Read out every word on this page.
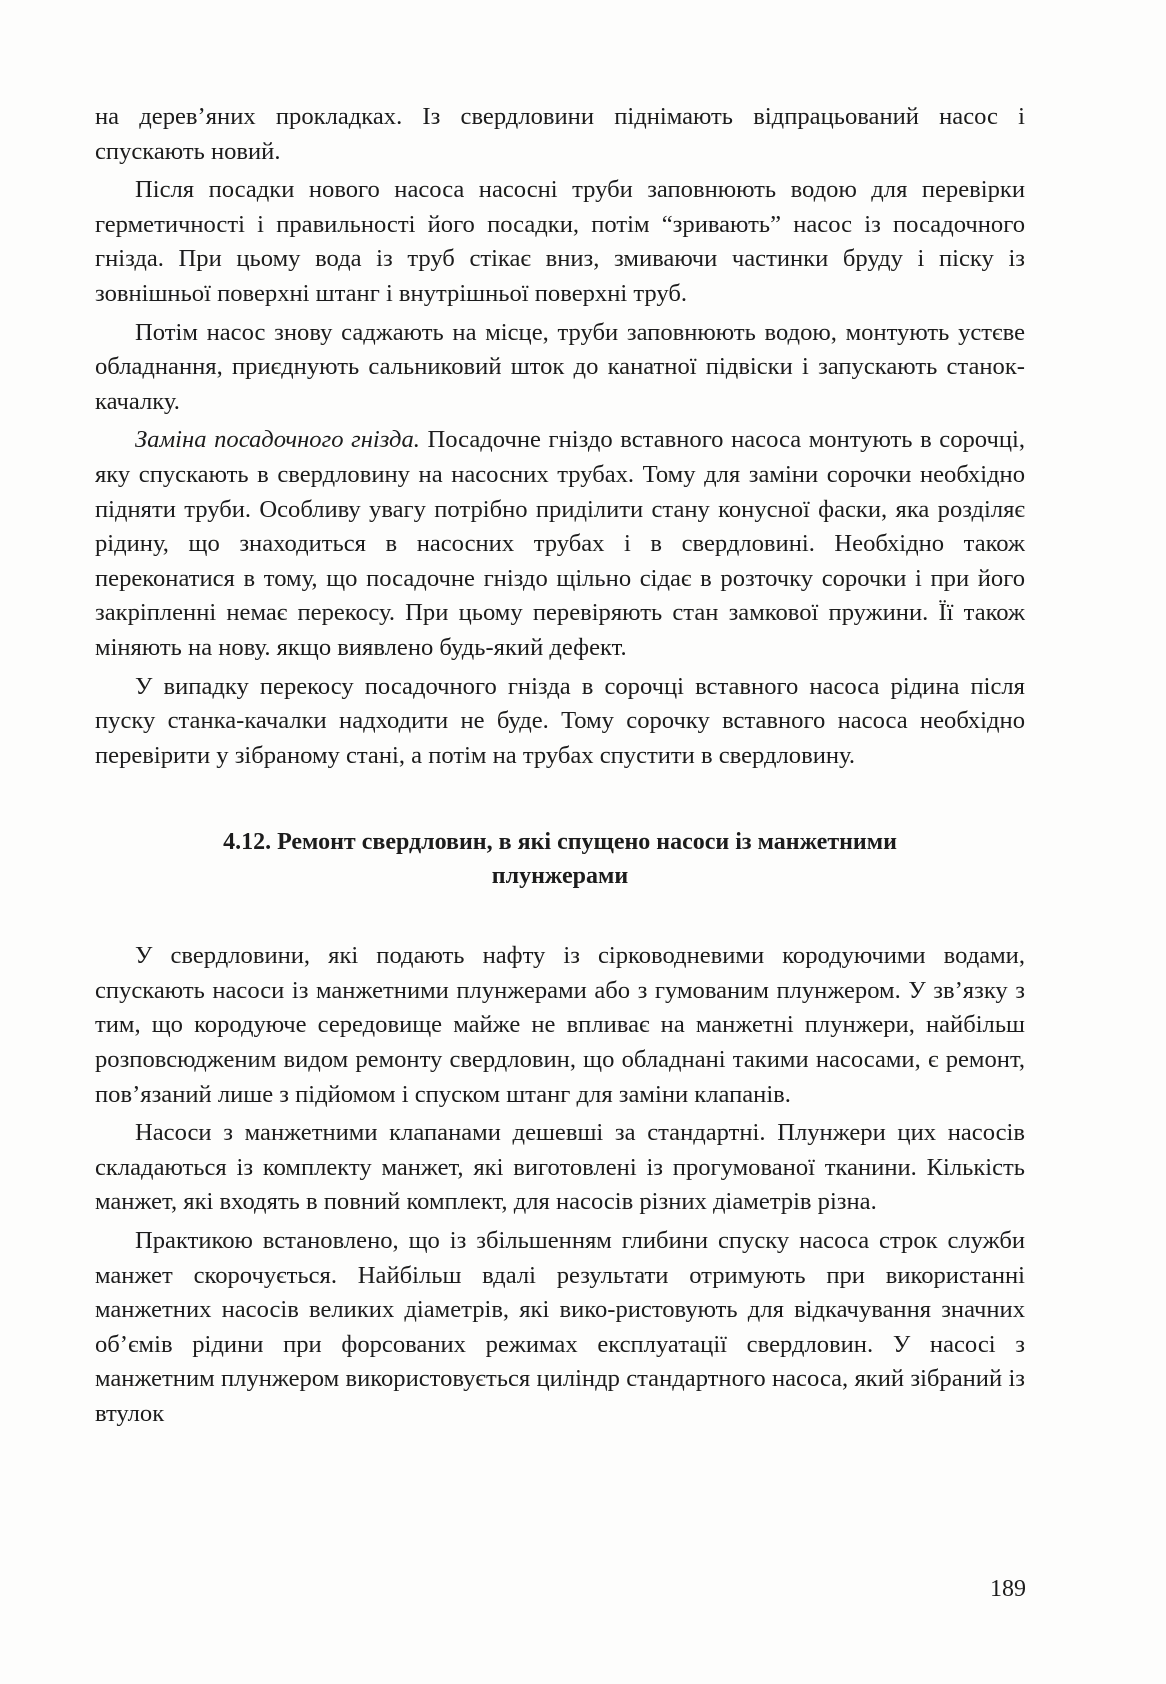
на дерев’яних прокладках. Із свердловини піднімають відпрацьований насос і спускають новий.

Після посадки нового насоса насосні труби заповнюють водою для перевірки герметичності і правильності його посадки, потім “зривають” насос із посадочного гнізда. При цьому вода із труб стікає вниз, змиваючи частинки бруду і піску із зовнішньої поверхні штанг і внутрішньої поверхні труб.

Потім насос знову саджають на місце, труби заповнюють водою, монтують устєве обладнання, приєднують сальниковий шток до канатної підвіски і запускають станок- качалку.

Заміна посадочного гнізда. Посадочне гніздо вставного насоса монтують в сорочці, яку спускають в свердловину на насосних трубах. Тому для заміни сорочки необхідно підняти труби. Особливу увагу потрібно приділити стану конусної фаски, яка розділяє рідину, що знаходиться в насосних трубах і в свердловині. Необхідно також переконатися в тому, що посадочне гніздо щільно сідає в розточку сорочки і при його закріпленні немає перекосу. При цьому перевіряють стан замкової пружини. Її також міняють на нову. якщо виявлено будь-який дефект.

У випадку перекосу посадочного гнізда в сорочці вставного насоса рідина після пуску станка-качалки надходити не буде. Тому сорочку вставного насоса необхідно перевірити у зібраному стані, а потім на трубах спустити в свердловину.

4.12. Ремонт свердловин, в які спущено насоси із манжетними плунжерами

У свердловини, які подають нафту із сірководневими кородуючими водами, спускають насоси із манжетними плунжерами або з гумованим плунжером. У зв’язку з тим, що кородуюче середовище майже не впливає на манжетні плунжери, найбільш розповсюдженим видом ремонту свердловин, що обладнані такими насосами, є ремонт, пов’язаний лише з підйомом і спуском штанг для заміни клапанів.

Насоси з манжетними клапанами дешевші за стандартні. Плунжери цих насосів складаються із комплекту манжет, які виготовлені із прогумованої тканини. Кількість манжет, які входять в повний комплект, для насосів різних діаметрів різна.

Практикою встановлено, що із збільшенням глибини спуску насоса строк служби манжет скорочується. Найбільш вдалі результати отримують при використанні манжетних насосів великих діаметрів, які вико-ристовують для відкачування значних об’ємів рідини при форсованих режимах експлуатації свердловин. У насосі з манжетним плунжером використовується циліндр стандартного насоса, який зібраний із втулок

189
